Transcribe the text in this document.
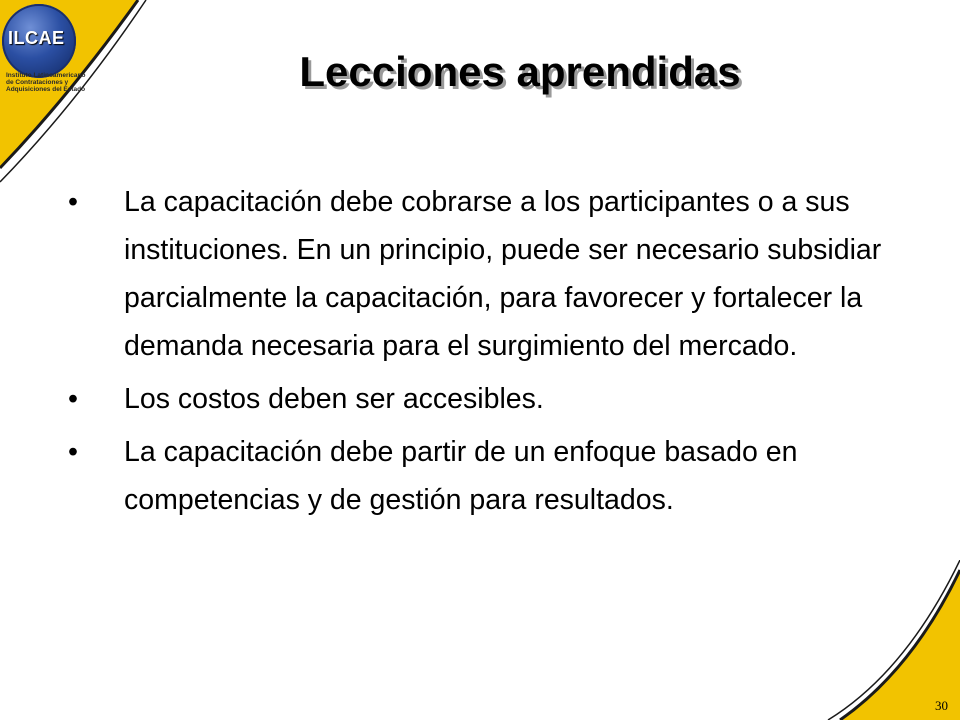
ILCAE
Instituto Latinoamericano
de Contrataciones y
Adquisiciones del Estado	Lecciones aprendidas
•	La capacitación debe cobrarse a los participantes o a sus instituciones. En un principio, puede ser necesario subsidiar parcialmente la capacitación, para favorecer y fortalecer la demanda necesaria para el surgimiento del mercado.
•	Los costos deben ser accesibles.
•	La capacitación debe partir de un enfoque basado en competencias y de gestión para resultados.
30
